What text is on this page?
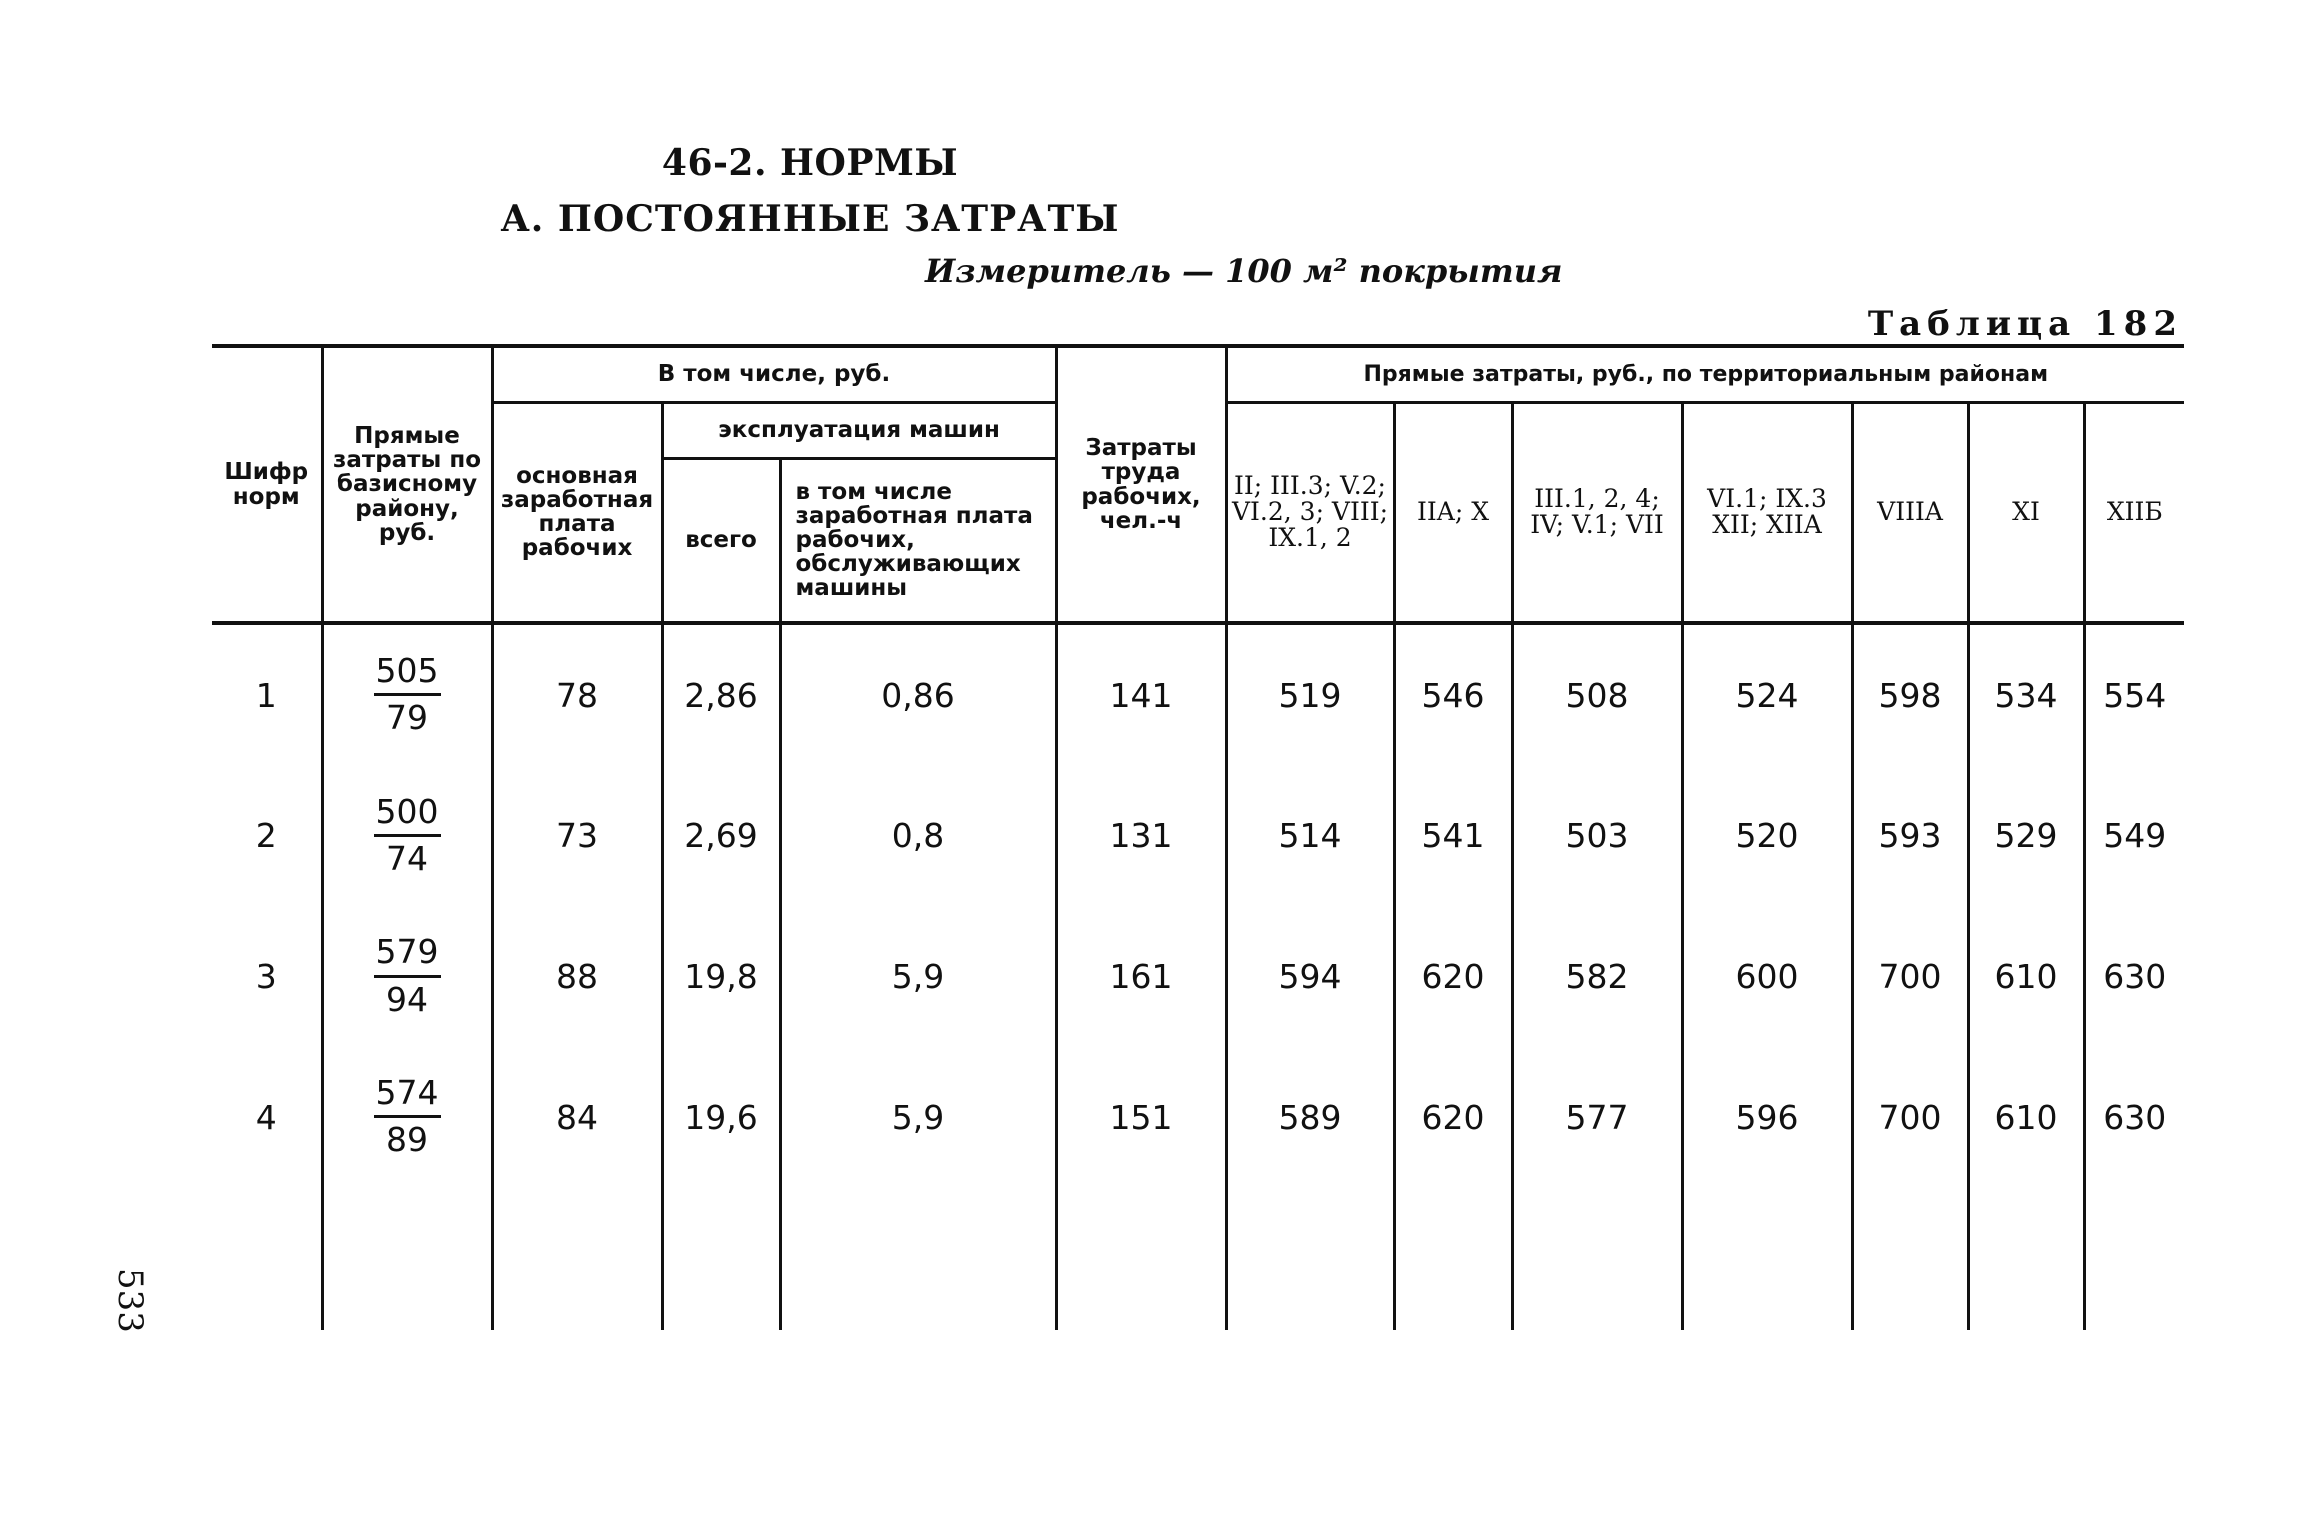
46-2. НОРМЫ
А. ПОСТОЯННЫЕ ЗАТРАТЫ
Измеритель — 100 м² покрытия
Таблица 182
533
Шифр норм	Прямые затраты по базисному району, руб.	В том числе, руб.			Затраты труда рабочих, чел.-ч	Прямые затраты, руб., по территориальным районам						
		основная заработная плата рабочих	эксплуатация машин			II; III.3; V.2; VI.2, 3; VIII; IX.1, 2	IIA; X	III.1, 2, 4; IV; V.1; VII	VI.1; IX.3 XII; XIIA	VIIIA	XI	XIIБ
			всего	в том числе заработная плата рабочих, обслуживающих машины								
1	$\frac{505}{79}$	78	2,86	0,86	141	519	546	508	524	598	534	554
2	$\frac{500}{74}$	73	2,69	0,8	131	514	541	503	520	593	529	549
3	$\frac{579}{94}$	88	19,8	5,9	161	594	620	582	600	700	610	630
4	$\frac{574}{89}$	84	19,6	5,9	151	589	620	577	596	700	610	630
